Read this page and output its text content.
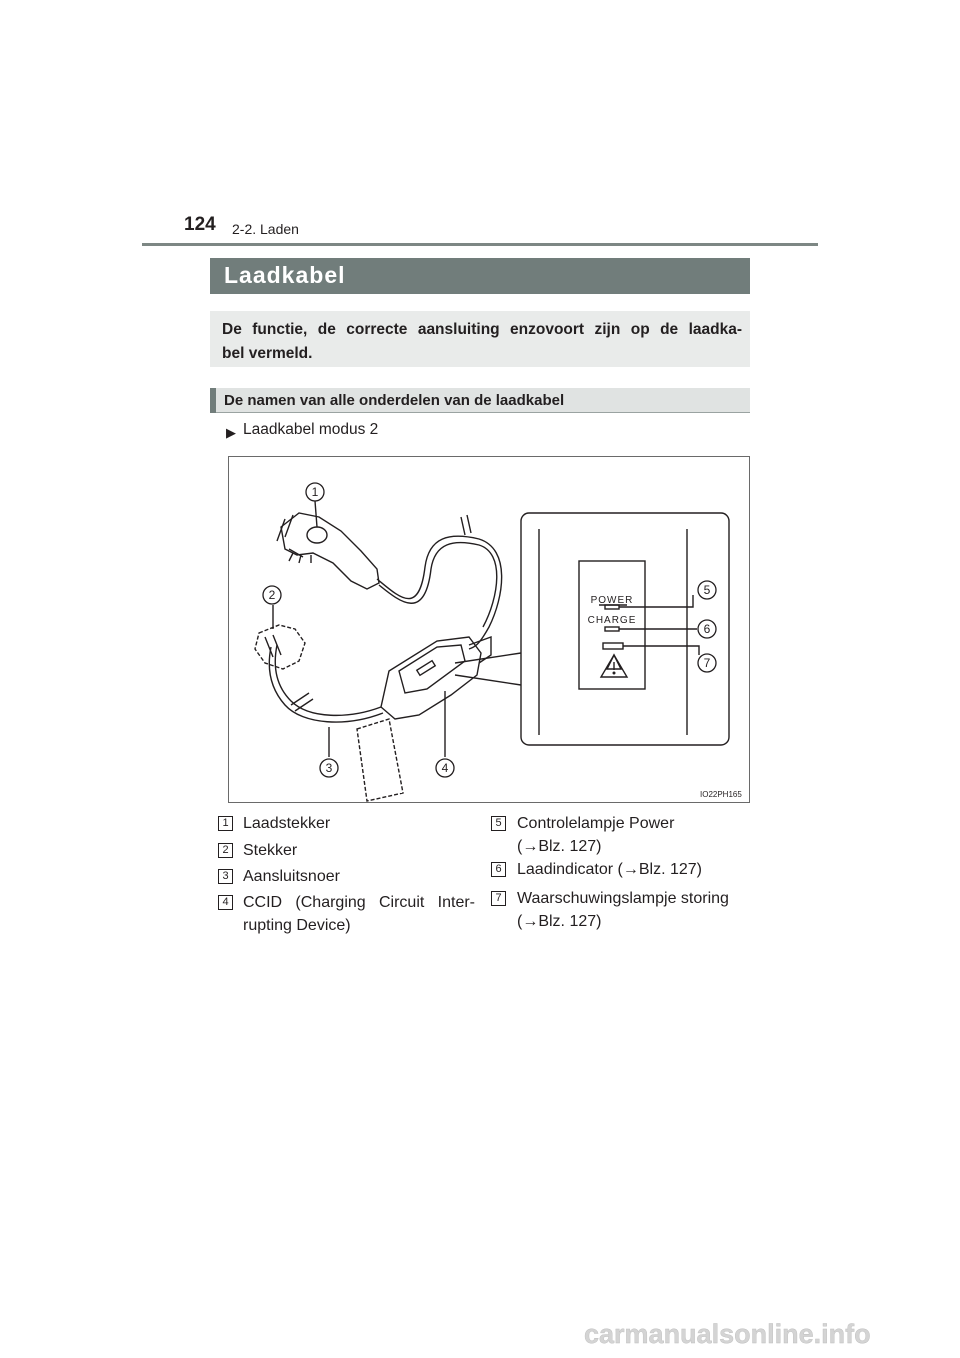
124 2-2. Laden
Laadkabel
De functie, de correcte aansluiting enzovoort zijn op de laadka-
bel vermeld.
De namen van alle onderdelen van de laadkabel
▶ Laadkabel modus 2
POWER
CHARGE
1
2
3	4
5
6
7
IO22PH165
1 Laadstekker
2 Stekker
3 Aansluitsnoer
4 CCID (Charging Circuit Inter-
rupting Device)
5 Controlelampje Power
(→Blz. 127)
6 Laadindicator (→Blz. 127)
7 Waarschuwingslampje storing
(→Blz. 127)
carmanualsonline.info
